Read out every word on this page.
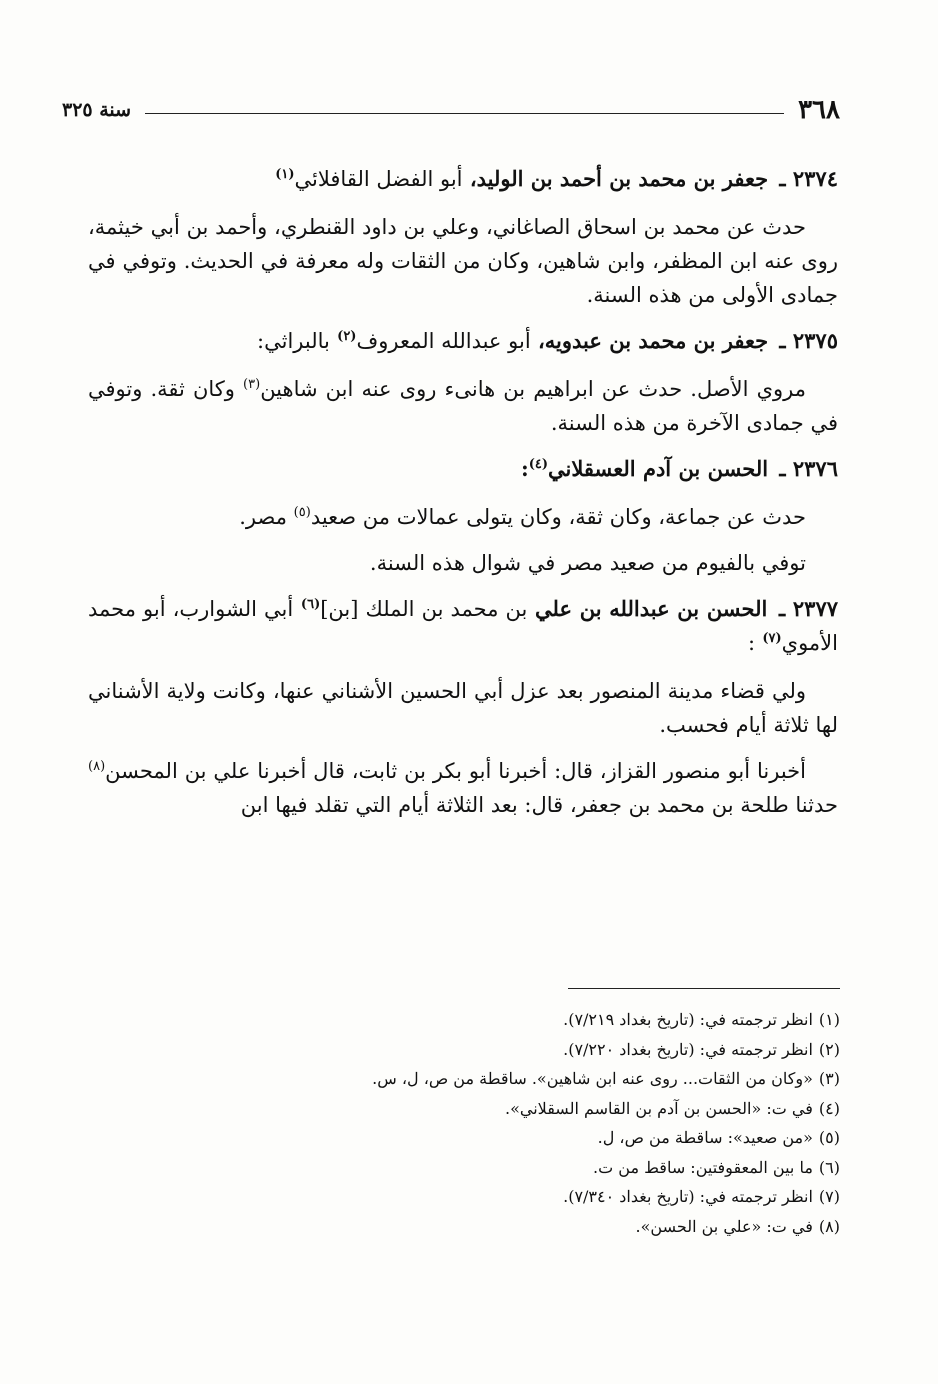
٣٦٨
سنة ٣٢٥

٢٣٧٤ ـ جعفر بن محمد بن أحمد بن الوليد، أبو الفضل القافلائي$^{(١)}$

حدث عن محمد بن اسحاق الصاغاني، وعلي بن داود القنطري، وأحمد بن أبي خيثمة، روى عنه ابن المظفر، وابن شاهين، وكان من الثقات وله معرفة في الحديث. وتوفي في جمادى الأولى من هذه السنة.

٢٣٧٥ ـ جعفر بن محمد بن عبدويه، أبو عبدالله المعروف$^{(٢)}$ بالبراثي:

مروي الأصل. حدث عن ابراهيم بن هانىء روى عنه ابن شاهين$^{(٣)}$ وكان ثقة. وتوفي في جمادى الآخرة من هذه السنة.

٢٣٧٦ ـ الحسن بن آدم العسقلاني$^{(٤)}$:

حدث عن جماعة، وكان ثقة، وكان يتولى عمالات من صعيد$^{(٥)}$ مصر.

توفي بالفيوم من صعيد مصر في شوال هذه السنة.

٢٣٧٧ ـ الحسن بن عبدالله بن علي بن محمد بن الملك [بن]$^{(٦)}$ أبي الشوارب، أبو محمد الأموي$^{(٧)}$ :

ولي قضاء مدينة المنصور بعد عزل أبي الحسين الأشناني عنها، وكانت ولاية الأشناني لها ثلاثة أيام فحسب.

أخبرنا أبو منصور القزاز، قال: أخبرنا أبو بكر بن ثابت، قال أخبرنا علي بن المحسن$^{(٨)}$ حدثنا طلحة بن محمد بن جعفر، قال: بعد الثلاثة أيام التي تقلد فيها ابن

(١)انظر ترجمته في: (تاريخ بغداد ٧/٢١٩).

(٢)انظر ترجمته في: (تاريخ بغداد ٧/٢٢٠).

(٣)«وكان من الثقات... روى عنه ابن شاهين». ساقطة من ص، ل، س.

(٤)في ت: «الحسن بن آدم بن القاسم السقلاني».

(٥)«من صعيد»: ساقطة من ص، ل.

(٦)ما بين المعقوفتين: ساقط من ت.

(٧)انظر ترجمته في: (تاريخ بغداد ٧/٣٤٠).

(٨)في ت: «علي بن الحسن».
